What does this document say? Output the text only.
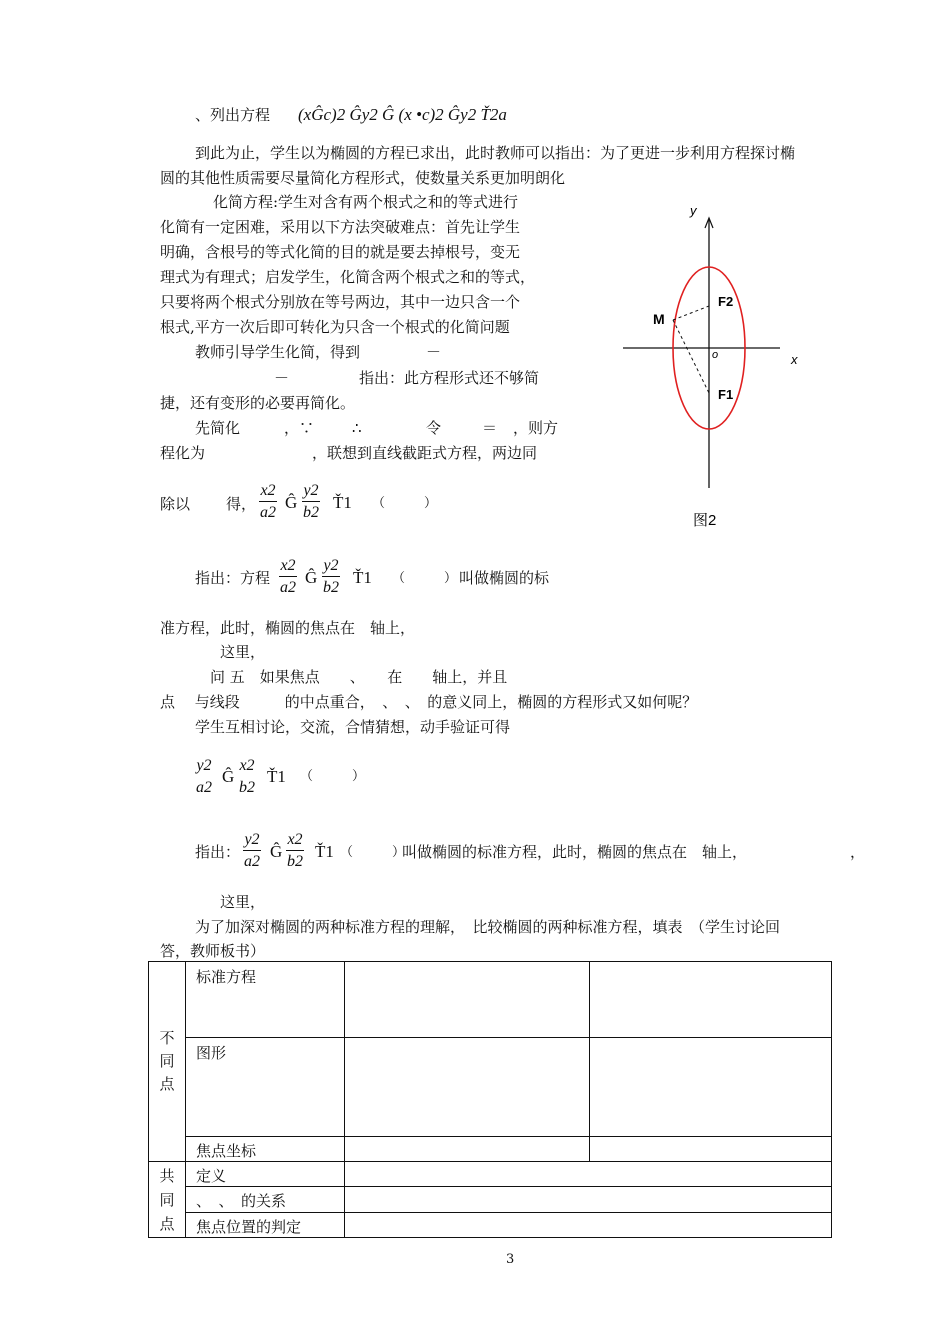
、列出方程 (xĜc)2 Ĝy2 Ĝ (x •c)2 Ĝy2 Ť2a
到此为止，学生以为椭圆的方程已求出，此时教师可以指出：为了更进一步利用方程探讨椭
圆的其他性质需要尽量简化方程形式，使数量关系更加明朗化
化简方程:学生对含有两个根式之和的等式进行
化简有一定困难，采用以下方法突破难点：首先让学生
明确，含根号的等式化简的目的就是要去掉根号，变无
理式为有理式；启发学生，化简含两个根式之和的等式，
只要将两个根式分别放在等号两边，其中一边只含一个
根式,平方一次后即可转化为只含一个根式的化简问题
教师引导学生化简，得到	－
－	指出：此方程形式还不够简
捷，还有变形的必要再简化。
先简化	，∵	∴	令	＝ ，则方
程化为	，联想到直线截距式方程，两边同
除以 得，
x2
a2
Ĝ
y2
b2
Ť1 （　　　）
指出：方程
x2
a2
Ĝ
y2
b2
Ť1 （　　　） 叫做椭圆的标
准方程，此时，椭圆的焦点在　轴上，
这里，
问 五　如果焦点　　、　　在　　轴上，并且
点　 与线段　　　的中点重合，　、　、　的意义同上，椭圆的方程形式又如何呢？
学生互相讨论，交流，合情猜想，动手验证可得
y2
a2
Ĝ
x2
b2
Ť1 （　　　）
指出：
y2
a2
Ĝ
x2
b2
Ť1 （　　　）
叫做椭圆的标准方程，此时，椭圆的焦点在　轴上，	，
这里，
为了加深对椭圆的两种标准方程的理解，　比较椭圆的两种标准方程，填表　（学生讨论回
答，教师板书）
y
x
o
M
F2
F1
图2
不同点	标准方程		
	图形		
	焦点坐标		

共同点	定义		
	、　、　的关系		
	焦点位置的判定		
3
